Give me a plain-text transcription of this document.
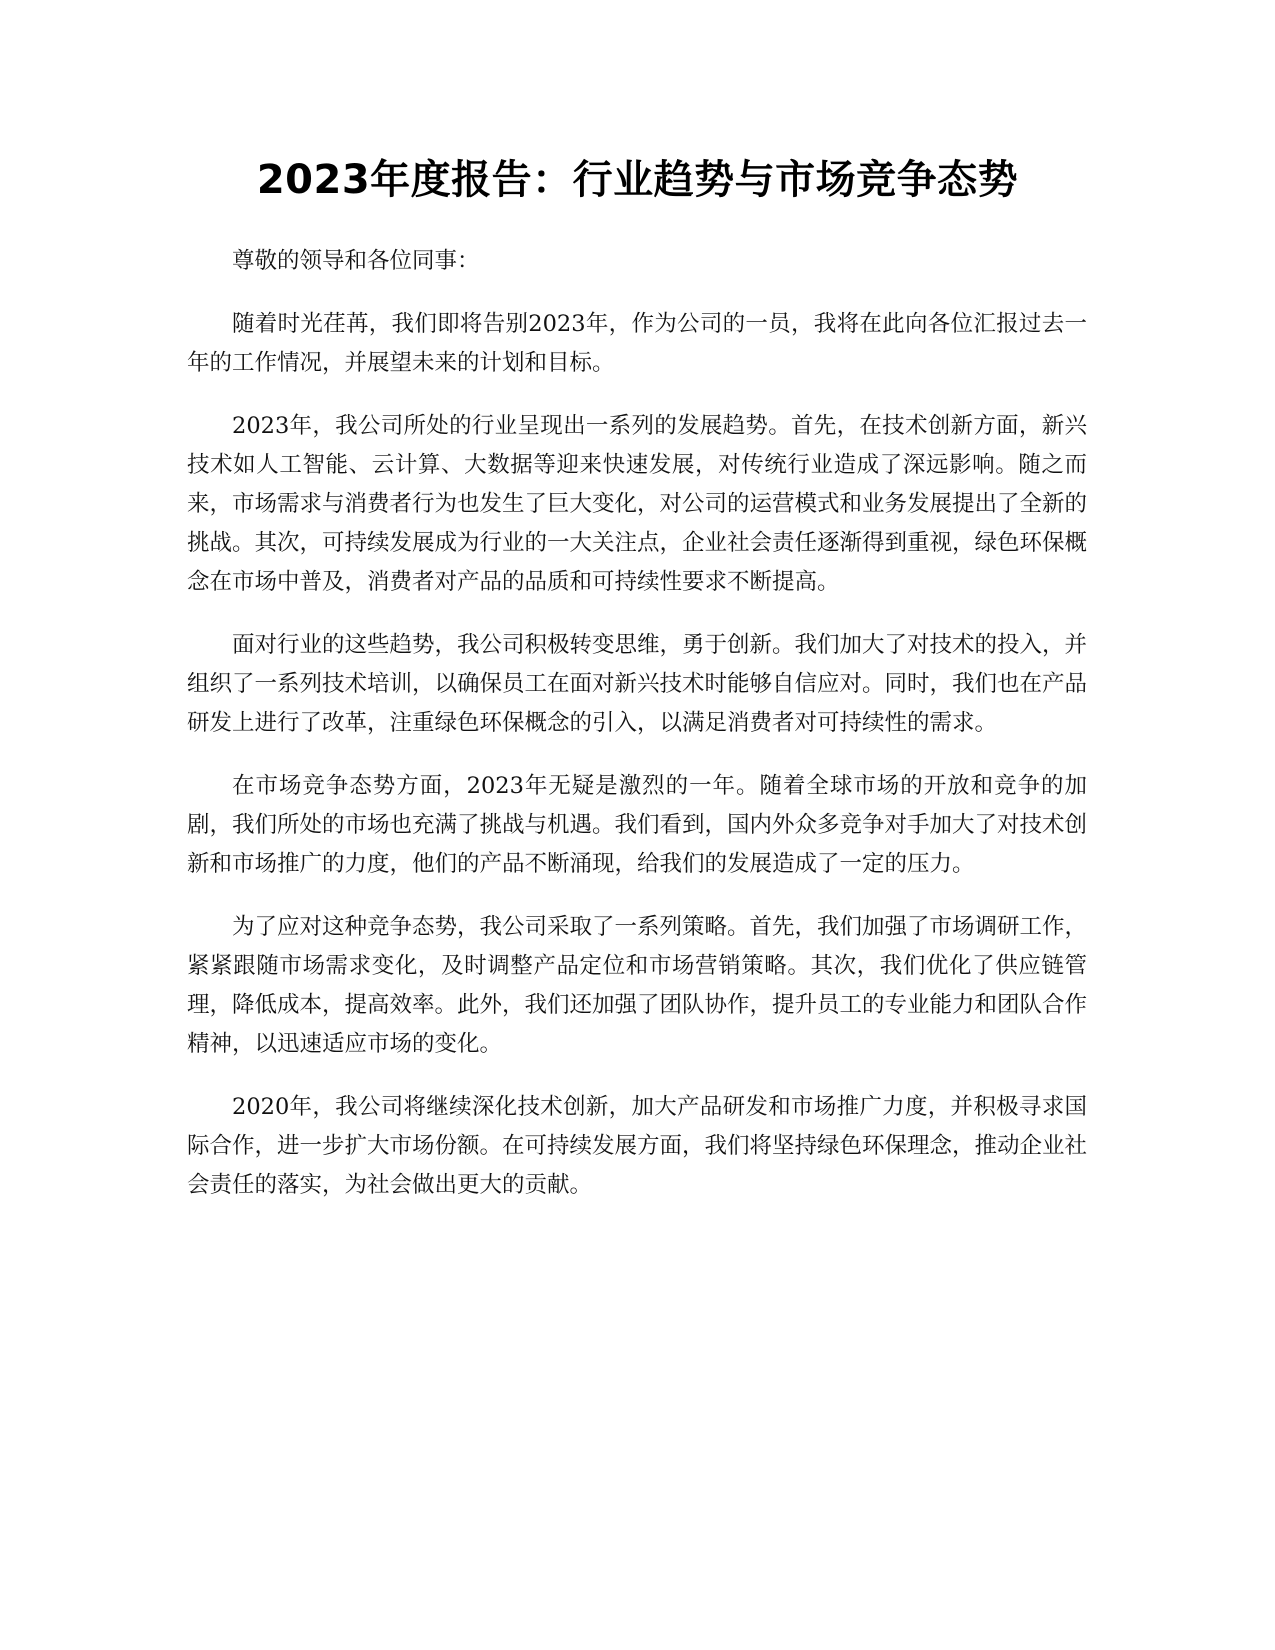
2023年度报告：行业趋势与市场竞争态势

尊敬的领导和各位同事：

随着时光荏苒，我们即将告别2023年，作为公司的一员，我将在此向各位汇报过去一年的工作情况，并展望未来的计划和目标。

2023年，我公司所处的行业呈现出一系列的发展趋势。首先，在技术创新方面，新兴技术如人工智能、云计算、大数据等迎来快速发展，对传统行业造成了深远影响。随之而来，市场需求与消费者行为也发生了巨大变化，对公司的运营模式和业务发展提出了全新的挑战。其次，可持续发展成为行业的一大关注点，企业社会责任逐渐得到重视，绿色环保概念在市场中普及，消费者对产品的品质和可持续性要求不断提高。

面对行业的这些趋势，我公司积极转变思维，勇于创新。我们加大了对技术的投入，并组织了一系列技术培训，以确保员工在面对新兴技术时能够自信应对。同时，我们也在产品研发上进行了改革，注重绿色环保概念的引入，以满足消费者对可持续性的需求。

在市场竞争态势方面，2023年无疑是激烈的一年。随着全球市场的开放和竞争的加剧，我们所处的市场也充满了挑战与机遇。我们看到，国内外众多竞争对手加大了对技术创新和市场推广的力度，他们的产品不断涌现，给我们的发展造成了一定的压力。

为了应对这种竞争态势，我公司采取了一系列策略。首先，我们加强了市场调研工作，紧紧跟随市场需求变化，及时调整产品定位和市场营销策略。其次，我们优化了供应链管理，降低成本，提高效率。此外，我们还加强了团队协作，提升员工的专业能力和团队合作精神，以迅速适应市场的变化。

2020年，我公司将继续深化技术创新，加大产品研发和市场推广力度，并积极寻求国际合作，进一步扩大市场份额。在可持续发展方面，我们将坚持绿色环保理念，推动企业社会责任的落实，为社会做出更大的贡献。
